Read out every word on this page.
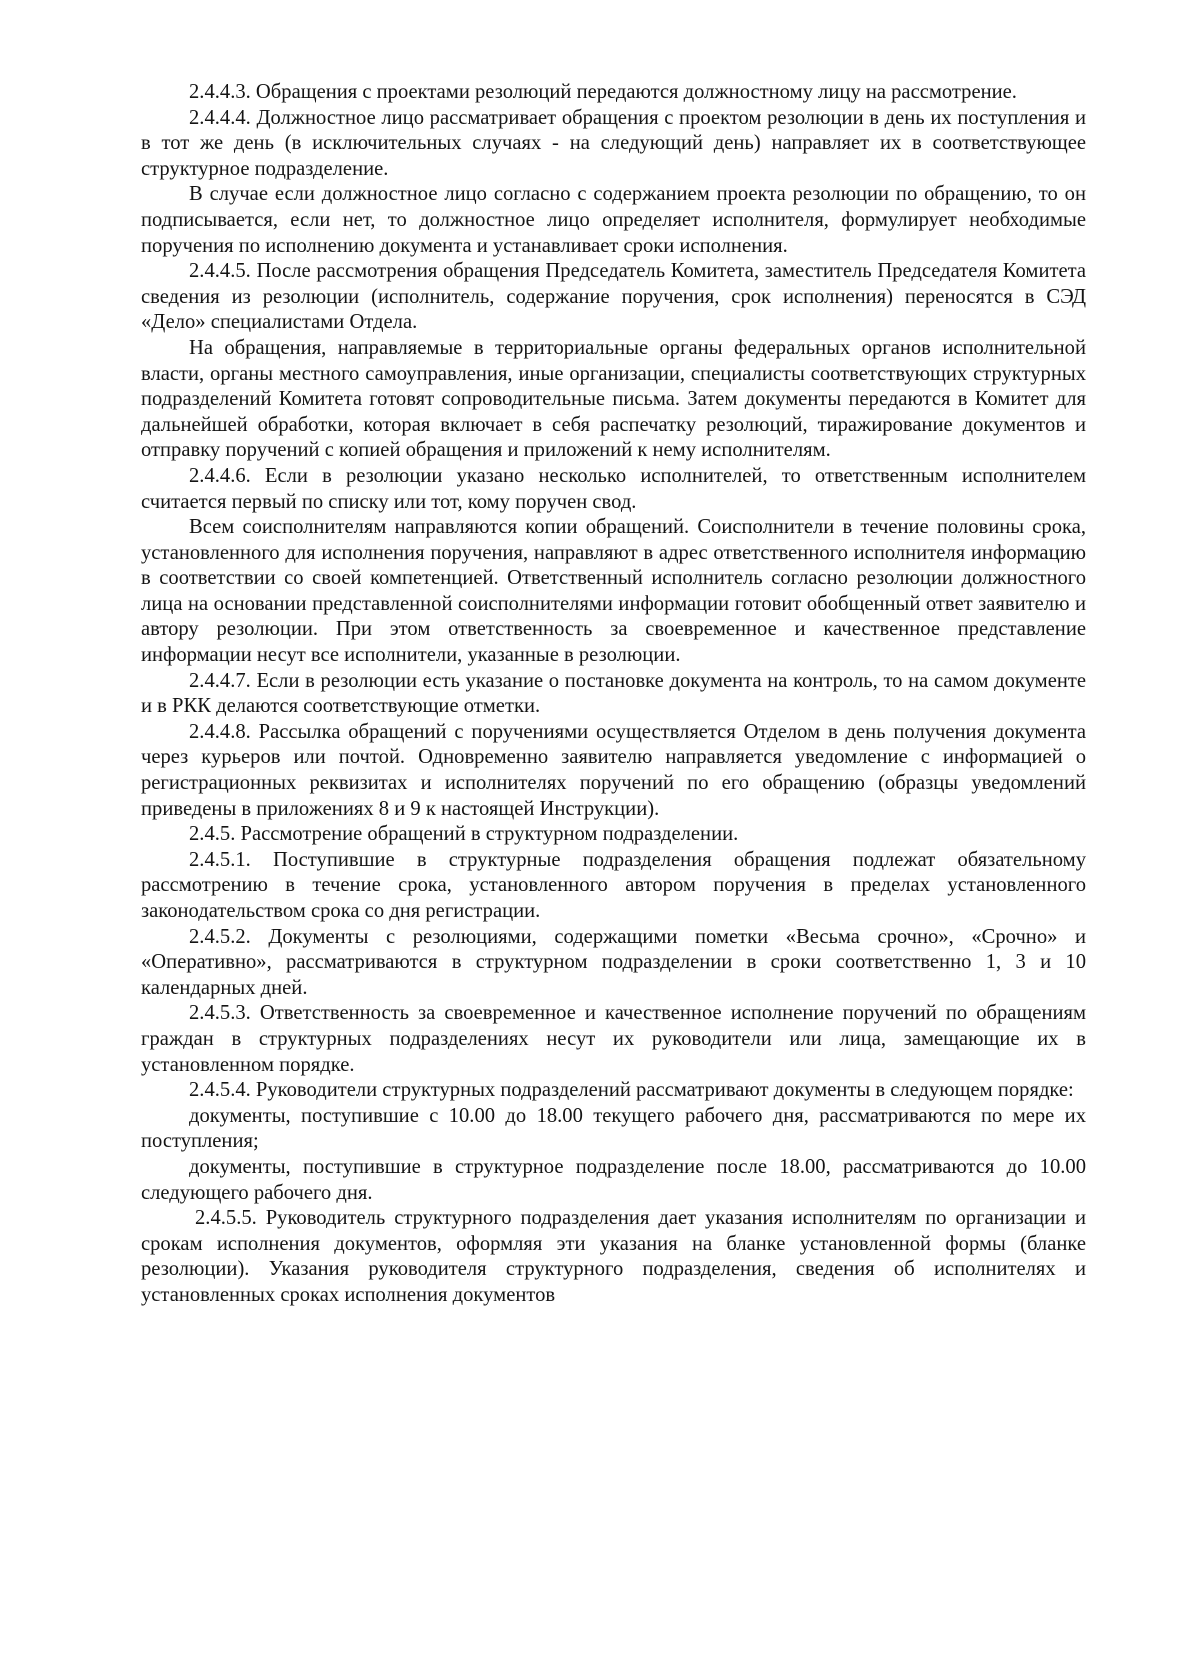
2.4.4.3. Обращения с проектами резолюций передаются должностному лицу на рассмотрение.

2.4.4.4. Должностное лицо рассматривает обращения с проектом резолюции в день их поступления и в тот же день (в исключительных случаях - на следующий день) направляет их в соответствующее структурное подразделение.

В случае если должностное лицо согласно с содержанием проекта резолюции по обращению, то он подписывается, если нет, то должностное лицо определяет исполнителя, формулирует необходимые поручения по исполнению документа и устанавливает сроки исполнения.

2.4.4.5. После рассмотрения обращения Председатель Комитета, заместитель Председателя Комитета сведения из резолюции (исполнитель, содержание поручения, срок исполнения) переносятся в СЭД «Дело» специалистами Отдела.

На обращения, направляемые в территориальные органы федеральных органов исполнительной власти, органы местного самоуправления, иные организации, специалисты соответствующих структурных подразделений Комитета готовят сопроводительные письма. Затем документы передаются в Комитет для дальнейшей обработки, которая включает в себя распечатку резолюций, тиражирование документов и отправку поручений с копией обращения и приложений к нему исполнителям.

2.4.4.6. Если в резолюции указано несколько исполнителей, то ответственным исполнителем считается первый по списку или тот, кому поручен свод.

Всем соисполнителям направляются копии обращений. Соисполнители в течение половины срока, установленного для исполнения поручения, направляют в адрес ответственного исполнителя информацию в соответствии со своей компетенцией. Ответственный исполнитель согласно резолюции должностного лица на основании представленной соисполнителями информации готовит обобщенный ответ заявителю и автору резолюции. При этом ответственность за своевременное и качественное представление информации несут все исполнители, указанные в резолюции.

2.4.4.7. Если в резолюции есть указание о постановке документа на контроль, то на самом документе и в РКК делаются соответствующие отметки.

2.4.4.8. Рассылка обращений с поручениями осуществляется Отделом в день получения документа через курьеров или почтой. Одновременно заявителю направляется уведомление с информацией о регистрационных реквизитах и исполнителях поручений по его обращению (образцы уведомлений приведены в приложениях 8 и 9 к настоящей Инструкции).

2.4.5. Рассмотрение обращений в структурном подразделении.

2.4.5.1. Поступившие в структурные подразделения обращения подлежат обязательному рассмотрению в течение срока, установленного автором поручения в пределах установленного законодательством срока со дня регистрации.

2.4.5.2. Документы с резолюциями, содержащими пометки «Весьма срочно», «Срочно» и «Оперативно», рассматриваются в структурном подразделении в сроки соответственно 1, 3 и 10 календарных дней.

2.4.5.3. Ответственность за своевременное и качественное исполнение поручений по обращениям граждан в структурных подразделениях несут их руководители или лица, замещающие их в установленном порядке.

2.4.5.4. Руководители структурных подразделений рассматривают документы в следующем порядке:

документы, поступившие с 10.00 до 18.00 текущего рабочего дня, рассматриваются по мере их поступления;

документы, поступившие в структурное подразделение после 18.00, рассматриваются до 10.00 следующего рабочего дня.

2.4.5.5. Руководитель структурного подразделения дает указания исполнителям по организации и срокам исполнения документов, оформляя эти указания на бланке установленной формы (бланке резолюции). Указания руководителя структурного подразделения, сведения об исполнителях и установленных сроках исполнения документов
